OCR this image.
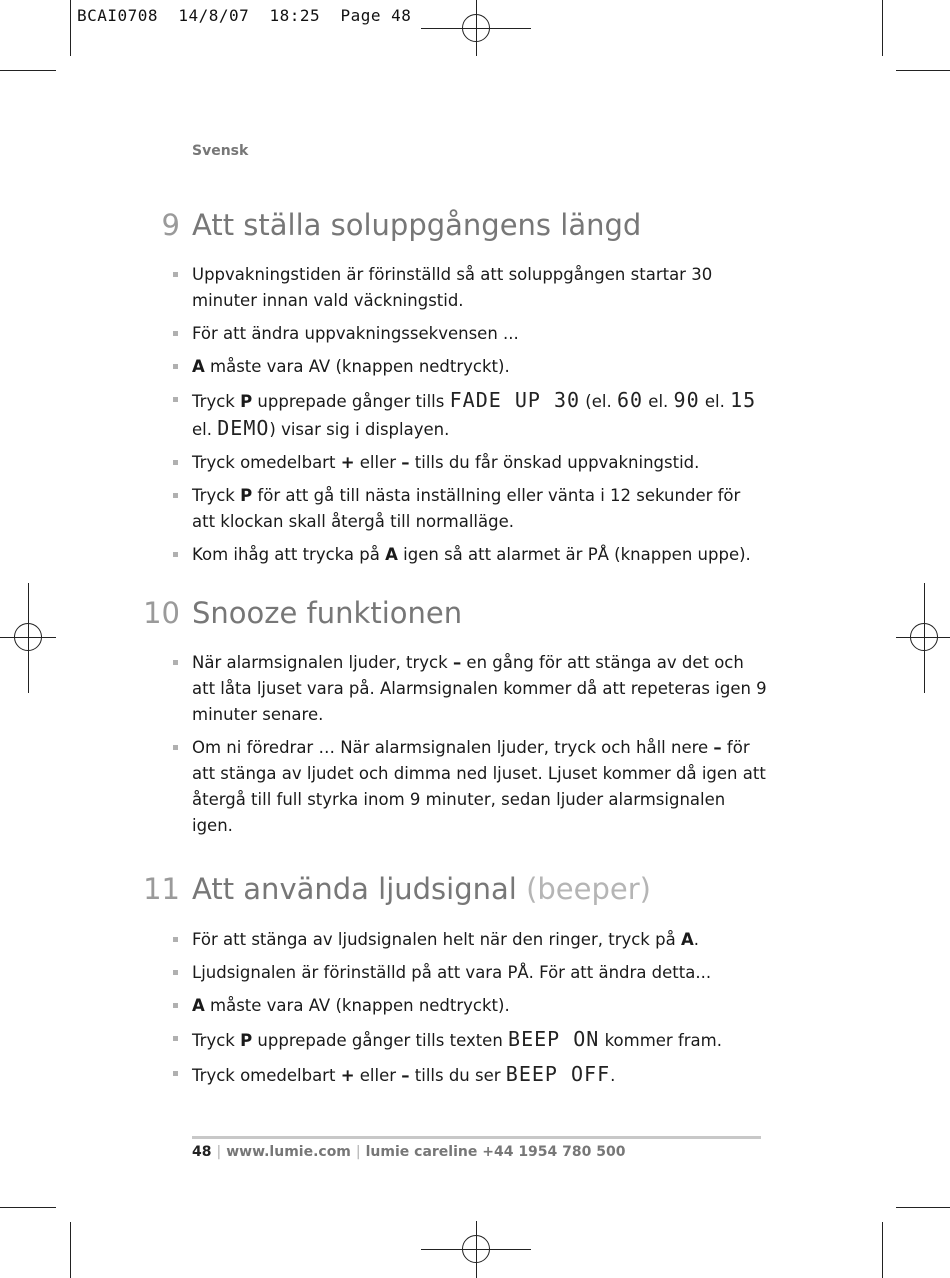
BCAI0708  14/8/07  18:25  Page 48
Svensk
9 Att ställa soluppgångens längd
Uppvakningstiden är förinställd så att soluppgången startar 30 minuter innan vald väckningstid.
För att ändra uppvakningssekvensen ...
A måste vara AV (knappen nedtryckt).
Tryck P upprepade gånger tills FADE UP 30 (el. 60 el. 90 el. 15 el. DEMO) visar sig i displayen.
Tryck omedelbart + eller – tills du får önskad uppvakningstid.
Tryck P för att gå till nästa inställning eller vänta i 12 sekunder för att klockan skall återgå till normalläge.
Kom ihåg att trycka på A igen så att alarmet är PÅ (knappen uppe).
10 Snooze funktionen
När alarmsignalen ljuder, tryck – en gång för att stänga av det och att låta ljuset vara på. Alarmsignalen kommer då att repeteras igen 9 minuter senare.
Om ni föredrar … När alarmsignalen ljuder, tryck och håll nere – för att stänga av ljudet och dimma ned ljuset. Ljuset kommer då igen att återgå till full styrka inom 9 minuter, sedan ljuder alarmsignalen igen.
11 Att använda ljudsignal (beeper)
För att stänga av ljudsignalen helt när den ringer, tryck på A.
Ljudsignalen är förinställd på att vara PÅ. För att ändra detta...
A måste vara AV (knappen nedtryckt).
Tryck P upprepade gånger tills texten BEEP ON kommer fram.
Tryck omedelbart + eller – tills du ser BEEP OFF.
48 | www.lumie.com | lumie careline +44 1954 780 500
